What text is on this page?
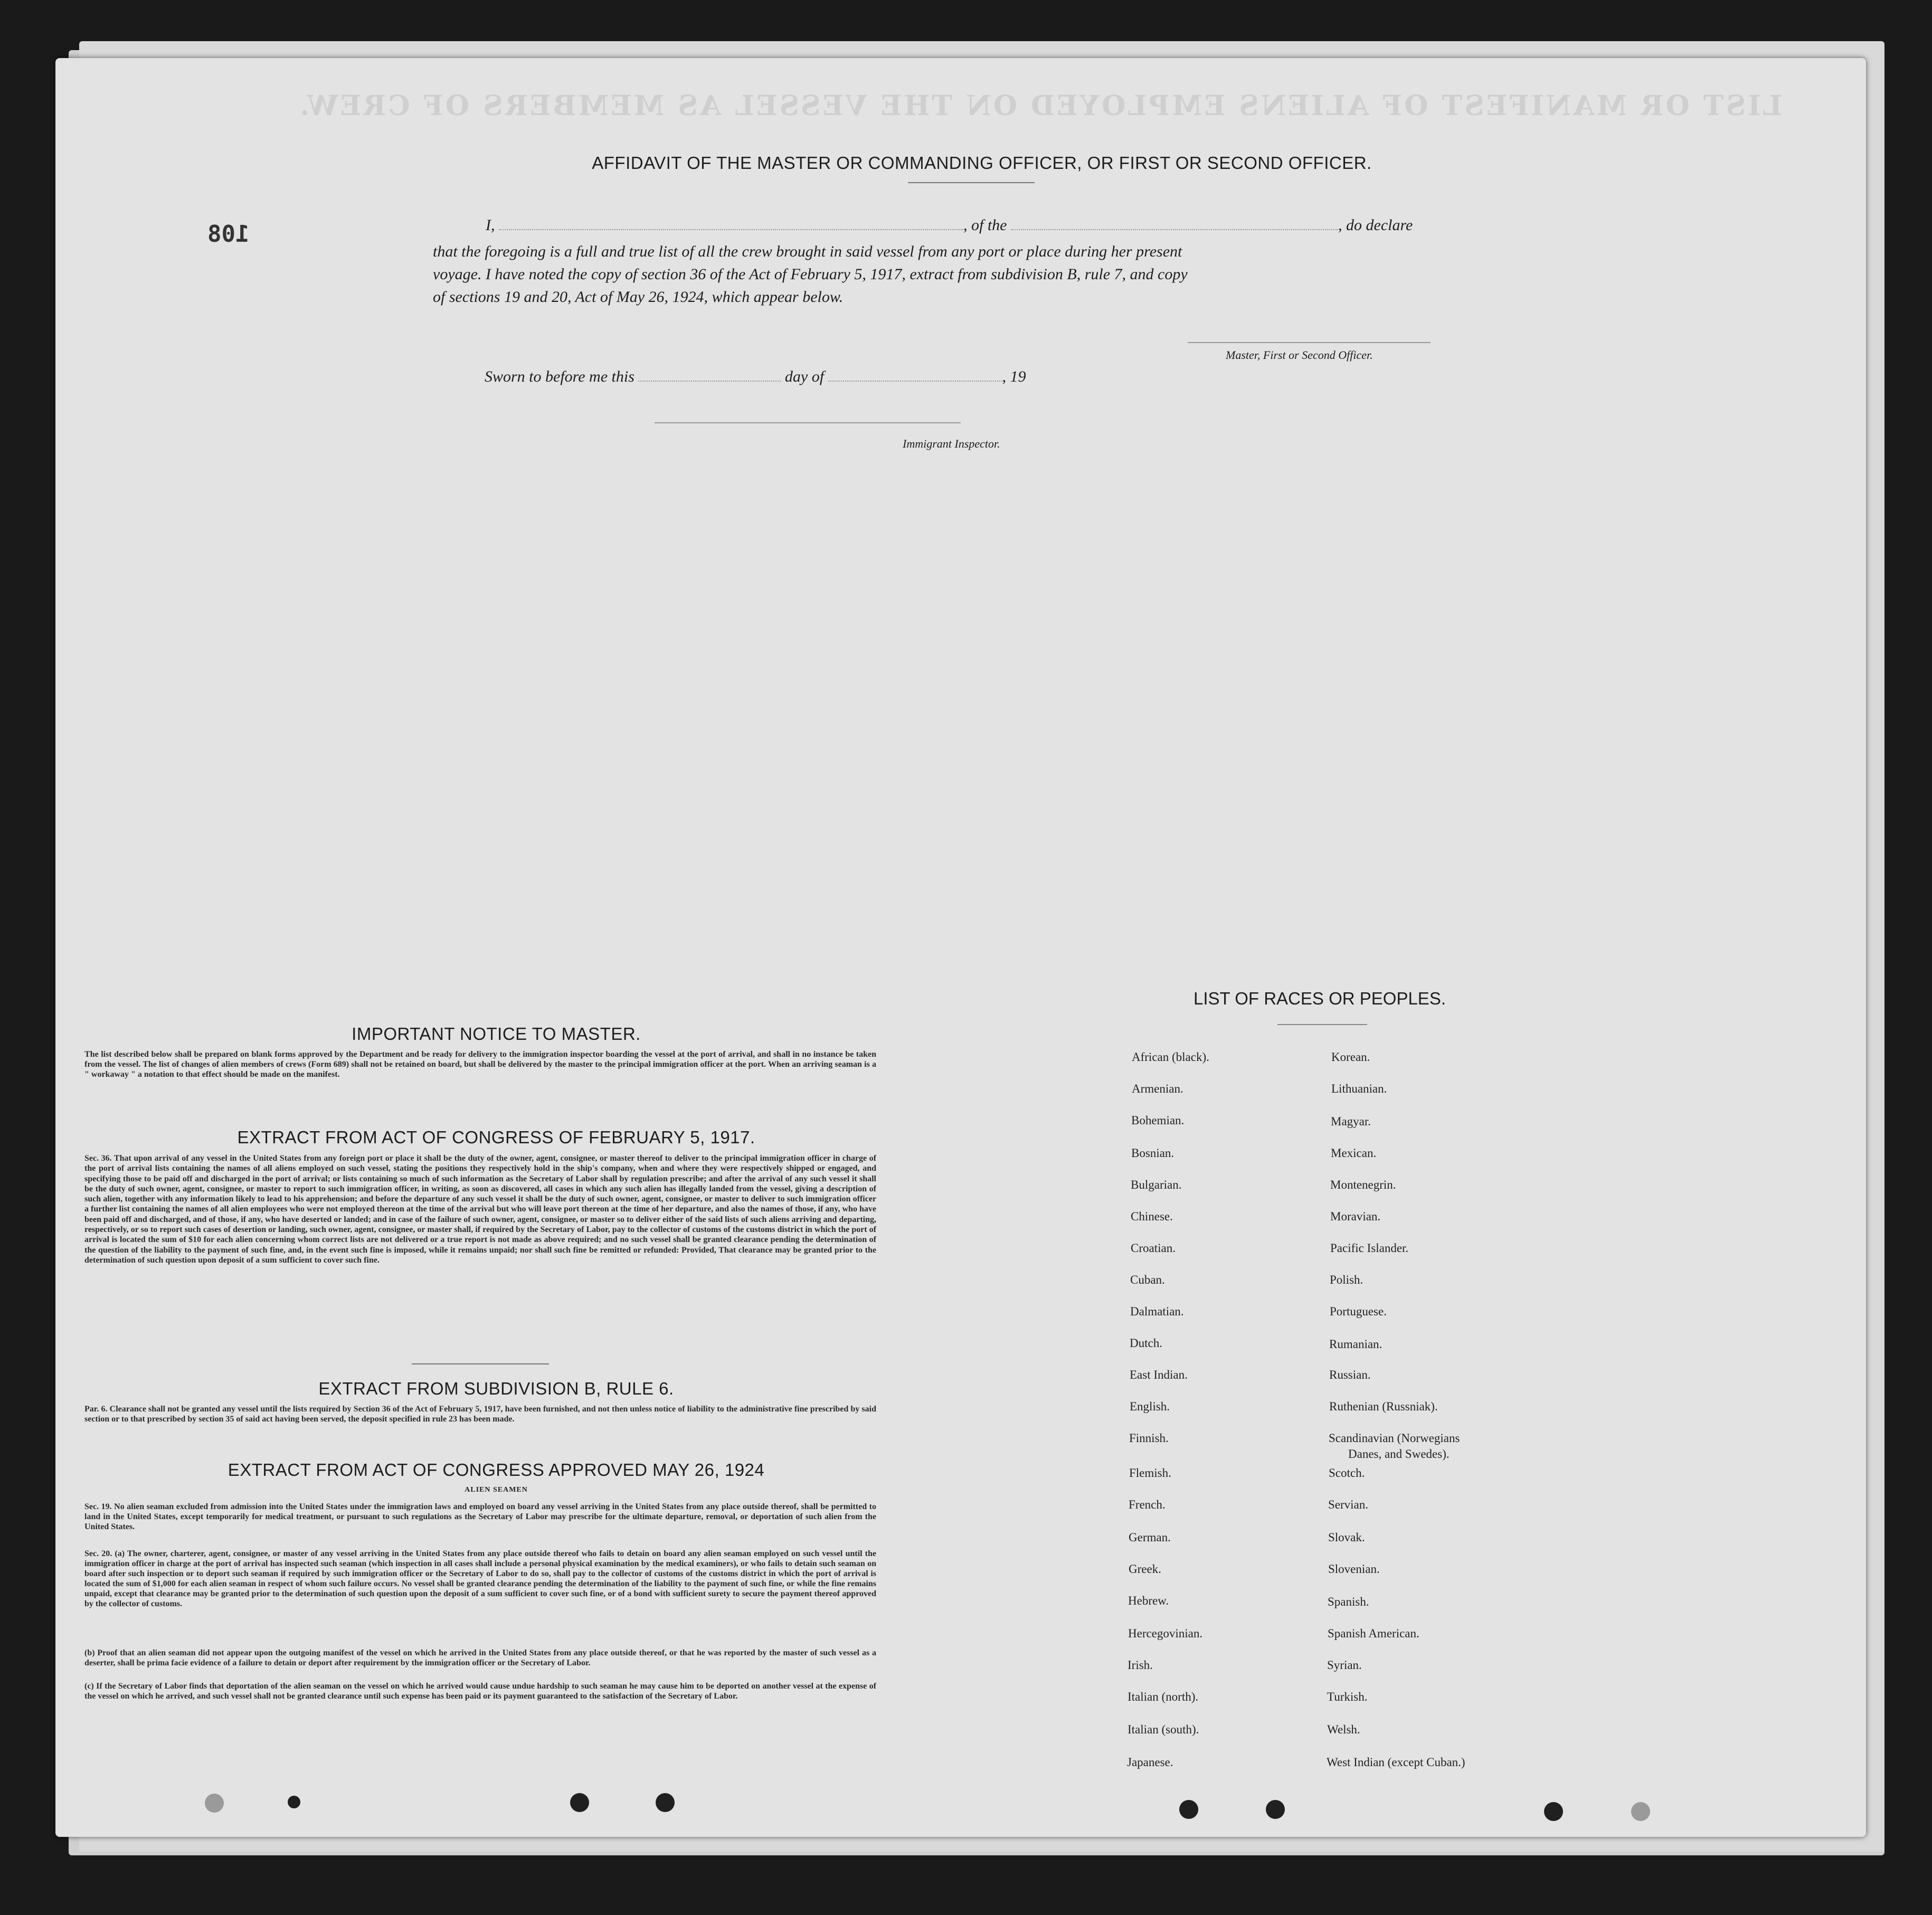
LIST OR MANIFEST OF ALIENS EMPLOYED ON THE VESSEL AS MEMBERS OF CREW.
108
AFFIDAVIT OF THE MASTER OR COMMANDING OFFICER, OR FIRST OR SECOND OFFICER.
I,	, of the	, do declare
that the foregoing is a full and true list of all the crew brought in said vessel from any port or place during her present
voyage. I have noted the copy of section 36 of the Act of February 5, 1917, extract from subdivision B, rule 7, and copy
of sections 19 and 20, Act of May 26, 1924, which appear below.
Master, First or Second Officer.
Sworn to before me this	day of	, 19
Immigrant Inspector.
IMPORTANT NOTICE TO MASTER.
The list described below shall be prepared on blank forms approved by the Department and be ready for delivery to the immigration inspector boarding the vessel at the port of arrival, and shall in no instance be taken from the vessel. The list of changes of alien members of crews (Form 689) shall not be retained on board, but shall be delivered by the master to the principal immigration officer at the port. When an arriving seaman is a " workaway " a notation to that effect should be made on the manifest.
EXTRACT FROM ACT OF CONGRESS OF FEBRUARY 5, 1917.
Sec. 36. That upon arrival of any vessel in the United States from any foreign port or place it shall be the duty of the owner, agent, consignee, or master thereof to deliver to the principal immigration officer in charge of the port of arrival lists containing the names of all aliens employed on such vessel, stating the positions they respectively hold in the ship's company, when and where they were respectively shipped or engaged, and specifying those to be paid off and discharged in the port of arrival; or lists containing so much of such information as the Secretary of Labor shall by regulation prescribe; and after the arrival of any such vessel it shall be the duty of such owner, agent, consignee, or master to report to such immigration officer, in writing, as soon as discovered, all cases in which any such alien has illegally landed from the vessel, giving a description of such alien, together with any information likely to lead to his apprehension; and before the departure of any such vessel it shall be the duty of such owner, agent, consignee, or master to deliver to such immigration officer a further list containing the names of all alien employees who were not employed thereon at the time of the arrival but who will leave port thereon at the time of her departure, and also the names of those, if any, who have been paid off and discharged, and of those, if any, who have deserted or landed; and in case of the failure of such owner, agent, consignee, or master so to deliver either of the said lists of such aliens arriving and departing, respectively, or so to report such cases of desertion or landing, such owner, agent, consignee, or master shall, if required by the Secretary of Labor, pay to the collector of customs of the customs district in which the port of arrival is located the sum of $10 for each alien concerning whom correct lists are not delivered or a true report is not made as above required; and no such vessel shall be granted clearance pending the determination of the question of the liability to the payment of such fine, and, in the event such fine is imposed, while it remains unpaid; nor shall such fine be remitted or refunded: Provided, That clearance may be granted prior to the determination of such question upon deposit of a sum sufficient to cover such fine.
EXTRACT FROM SUBDIVISION B, RULE 6.
Par. 6. Clearance shall not be granted any vessel until the lists required by Section 36 of the Act of February 5, 1917, have been furnished, and not then unless notice of liability to the administrative fine prescribed by said section or to that prescribed by section 35 of said act having been served, the deposit specified in rule 23 has been made.
EXTRACT FROM ACT OF CONGRESS APPROVED MAY 26, 1924
ALIEN SEAMEN
Sec. 19. No alien seaman excluded from admission into the United States under the immigration laws and employed on board any vessel arriving in the United States from any place outside thereof, shall be permitted to land in the United States, except temporarily for medical treatment, or pursuant to such regulations as the Secretary of Labor may prescribe for the ultimate departure, removal, or deportation of such alien from the United States.
Sec. 20. (a) The owner, charterer, agent, consignee, or master of any vessel arriving in the United States from any place outside thereof who fails to detain on board any alien seaman employed on such vessel until the immigration officer in charge at the port of arrival has inspected such seaman (which inspection in all cases shall include a personal physical examination by the medical examiners), or who fails to detain such seaman on board after such inspection or to deport such seaman if required by such immigration officer or the Secretary of Labor to do so, shall pay to the collector of customs of the customs district in which the port of arrival is located the sum of $1,000 for each alien seaman in respect of whom such failure occurs. No vessel shall be granted clearance pending the determination of the liability to the payment of such fine, or while the fine remains unpaid, except that clearance may be granted prior to the determination of such question upon the deposit of a sum sufficient to cover such fine, or of a bond with sufficient surety to secure the payment thereof approved by the collector of customs.
(b) Proof that an alien seaman did not appear upon the outgoing manifest of the vessel on which he arrived in the United States from any place outside thereof, or that he was reported by the master of such vessel as a deserter, shall be prima facie evidence of a failure to detain or deport after requirement by the immigration officer or the Secretary of Labor.
(c) If the Secretary of Labor finds that deportation of the alien seaman on the vessel on which he arrived would cause undue hardship to such seaman he may cause him to be deported on another vessel at the expense of the vessel on which he arrived, and such vessel shall not be granted clearance until such expense has been paid or its payment guaranteed to the satisfaction of the Secretary of Labor.
LIST OF RACES OR PEOPLES.
African (black).
Armenian.
Bohemian.
Bosnian.
Bulgarian.
Chinese.
Croatian.
Cuban.
Dalmatian.
Dutch.
East Indian.
English.
Finnish.
Flemish.
French.
German.
Greek.
Hebrew.
Hercegovinian.
Irish.
Italian (north).
Italian (south).
Japanese.
Korean.
Lithuanian.
Magyar.
Mexican.
Montenegrin.
Moravian.
Pacific Islander.
Polish.
Portuguese.
Rumanian.
Russian.
Ruthenian (Russniak).
Scandinavian (Norwegians
Scotch.
Servian.
Slovak.
Slovenian.
Spanish.
Spanish American.
Syrian.
Turkish.
Welsh.
West Indian (except Cuban.)
Danes, and Swedes).
